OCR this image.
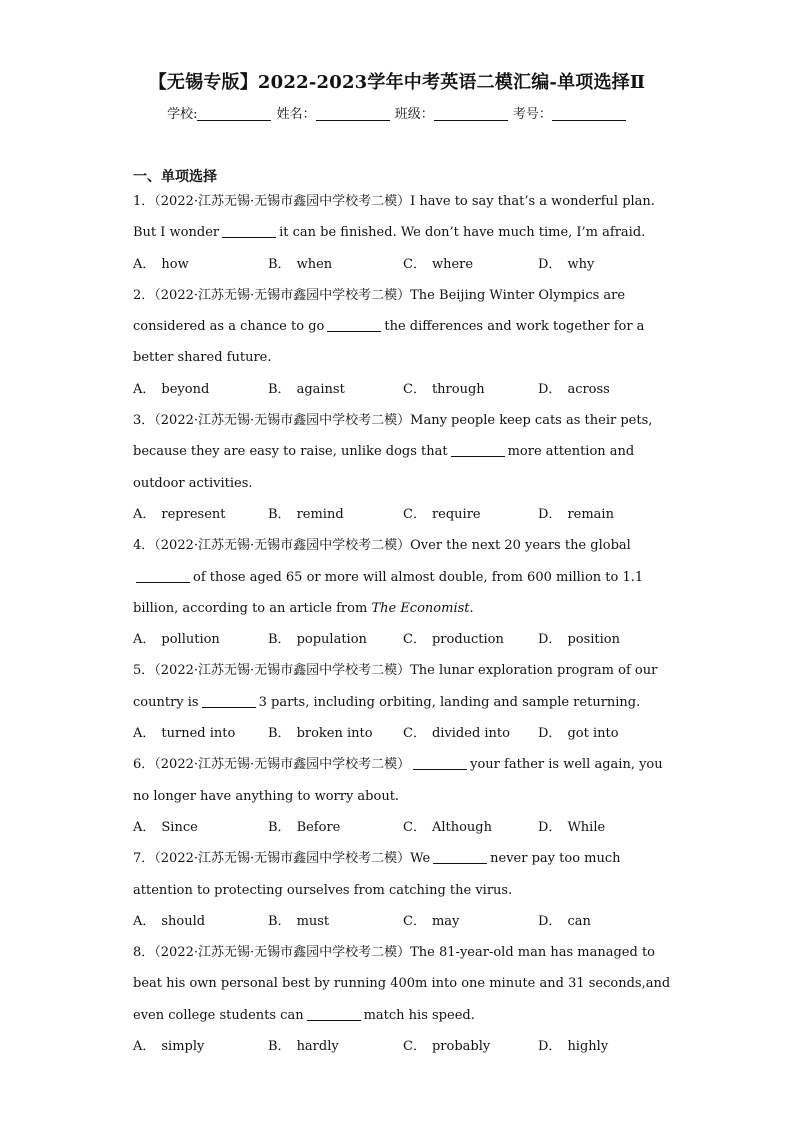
【无锡专版】2022-2023学年中考英语二模汇编-单项选择Ⅱ
学校:	姓名：	班级：	考号：
一、单项选择
1．（2022·江苏无锡·无锡市鑫园中学校考二模）I have to say that’s a wonderful plan. But I wonder	it can be finished. We don’t have much time, I’m afraid.
A． how	B． when	C． where	D． why
2．（2022·江苏无锡·无锡市鑫园中学校考二模）The Beijing Winter Olympics are considered as a chance to go	the differences and work together for a better shared future.
A． beyond	B． against	C． through	D． across
3．（2022·江苏无锡·无锡市鑫园中学校考二模）Many people keep cats as their pets, because they are easy to raise, unlike dogs that	more attention and outdoor activities.
A． represent	B． remind	C． require	D． remain
4．（2022·江苏无锡·无锡市鑫园中学校考二模）Over the next 20 years the globalof those aged 65 or more will almost double, from 600 million to 1.1 billion, according to an article from The Economist.
A． pollution	B． population	C． production	D． position
5．（2022·江苏无锡·无锡市鑫园中学校考二模）The lunar exploration program of our country is	3 parts, including orbiting, landing and sample returning.
A． turned into	B． broken into	C． divided into	D． got into
6．（2022·江苏无锡·无锡市鑫园中学校考二模）	your father is well again, you no longer have anything to worry about.
A． Since	B． Before	C． Although	D． While
7．（2022·江苏无锡·无锡市鑫园中学校考二模）We	never pay too much attention to protecting ourselves from catching the virus.
A． should	B． must	C． may	D． can
8．（2022·江苏无锡·无锡市鑫园中学校考二模）The 81-year-old man has managed to beat his own personal best by running 400m into one minute and 31 seconds,and even college students can	match his speed.
A． simply	B． hardly	C． probably	D． highly
